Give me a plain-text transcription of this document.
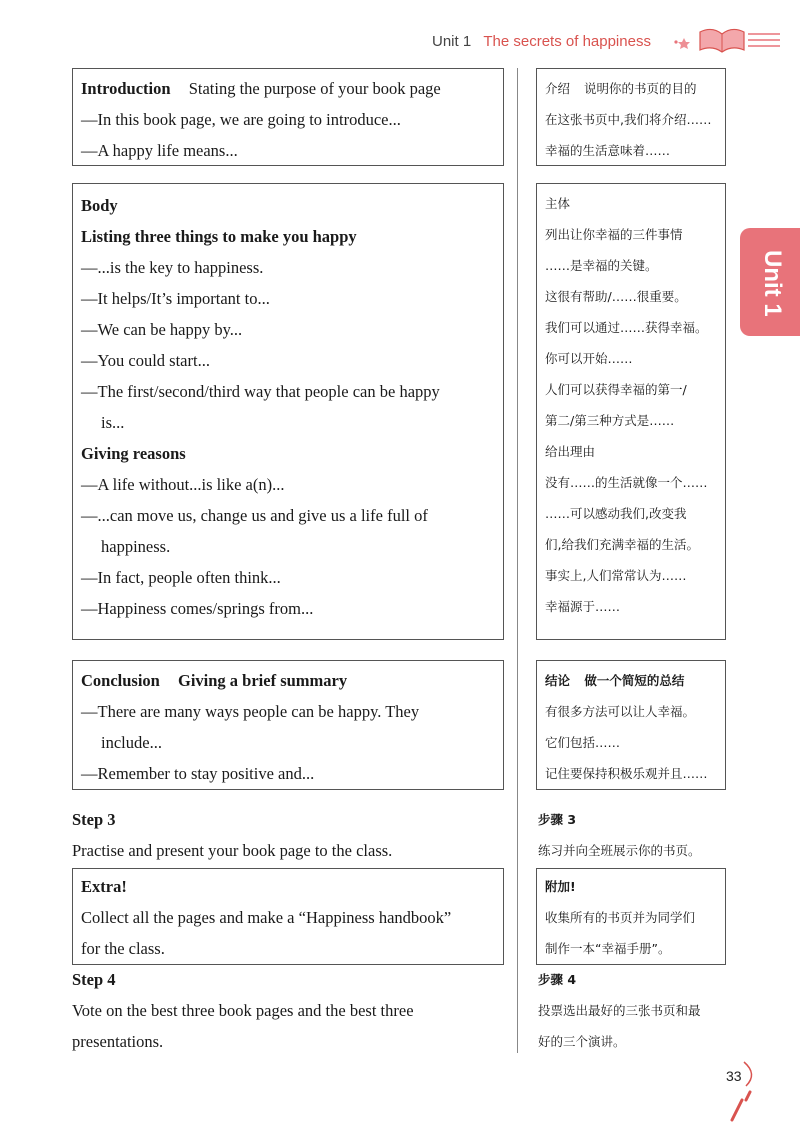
Unit 1 The secrets of happiness
Unit 1
Introduction Stating the purpose of your book page
—In this book page, we are going to introduce...
—A happy life means...
介绍 说明你的书页的目的
在这张书页中,我们将介绍……
幸福的生活意味着……
Body
Listing three things to make you happy
—...is the key to happiness.
—It helps/It’s important to...
—We can be happy by...
—You could start...
—The first/second/third way that people can be happy
is...
Giving reasons
—A life without...is like a(n)...
—...can move us, change us and give us a life full of
happiness.
—In fact, people often think...
—Happiness comes/springs from...
主体
列出让你幸福的三件事情
……是幸福的关键。
这很有帮助/……很重要。
我们可以通过……获得幸福。
你可以开始……
人们可以获得幸福的第一/
第二/第三种方式是……
给出理由
没有……的生活就像一个……
……可以感动我们,改变我
们,给我们充满幸福的生活。
事实上,人们常常认为……
幸福源于……
Conclusion Giving a brief summary
—There are many ways people can be happy. They
include...
—Remember to stay positive and...
结论 做一个简短的总结
有很多方法可以让人幸福。
它们包括……
记住要保持积极乐观并且……
Step 3
Practise and present your book page to the class.
步骤 3
练习并向全班展示你的书页。
Extra!
Collect all the pages and make a “Happiness handbook”
for the class.
附加!
收集所有的书页并为同学们
制作一本“幸福手册”。
Step 4
Vote on the best three book pages and the best three
presentations.
步骤 4
投票选出最好的三张书页和最
好的三个演讲。
33
